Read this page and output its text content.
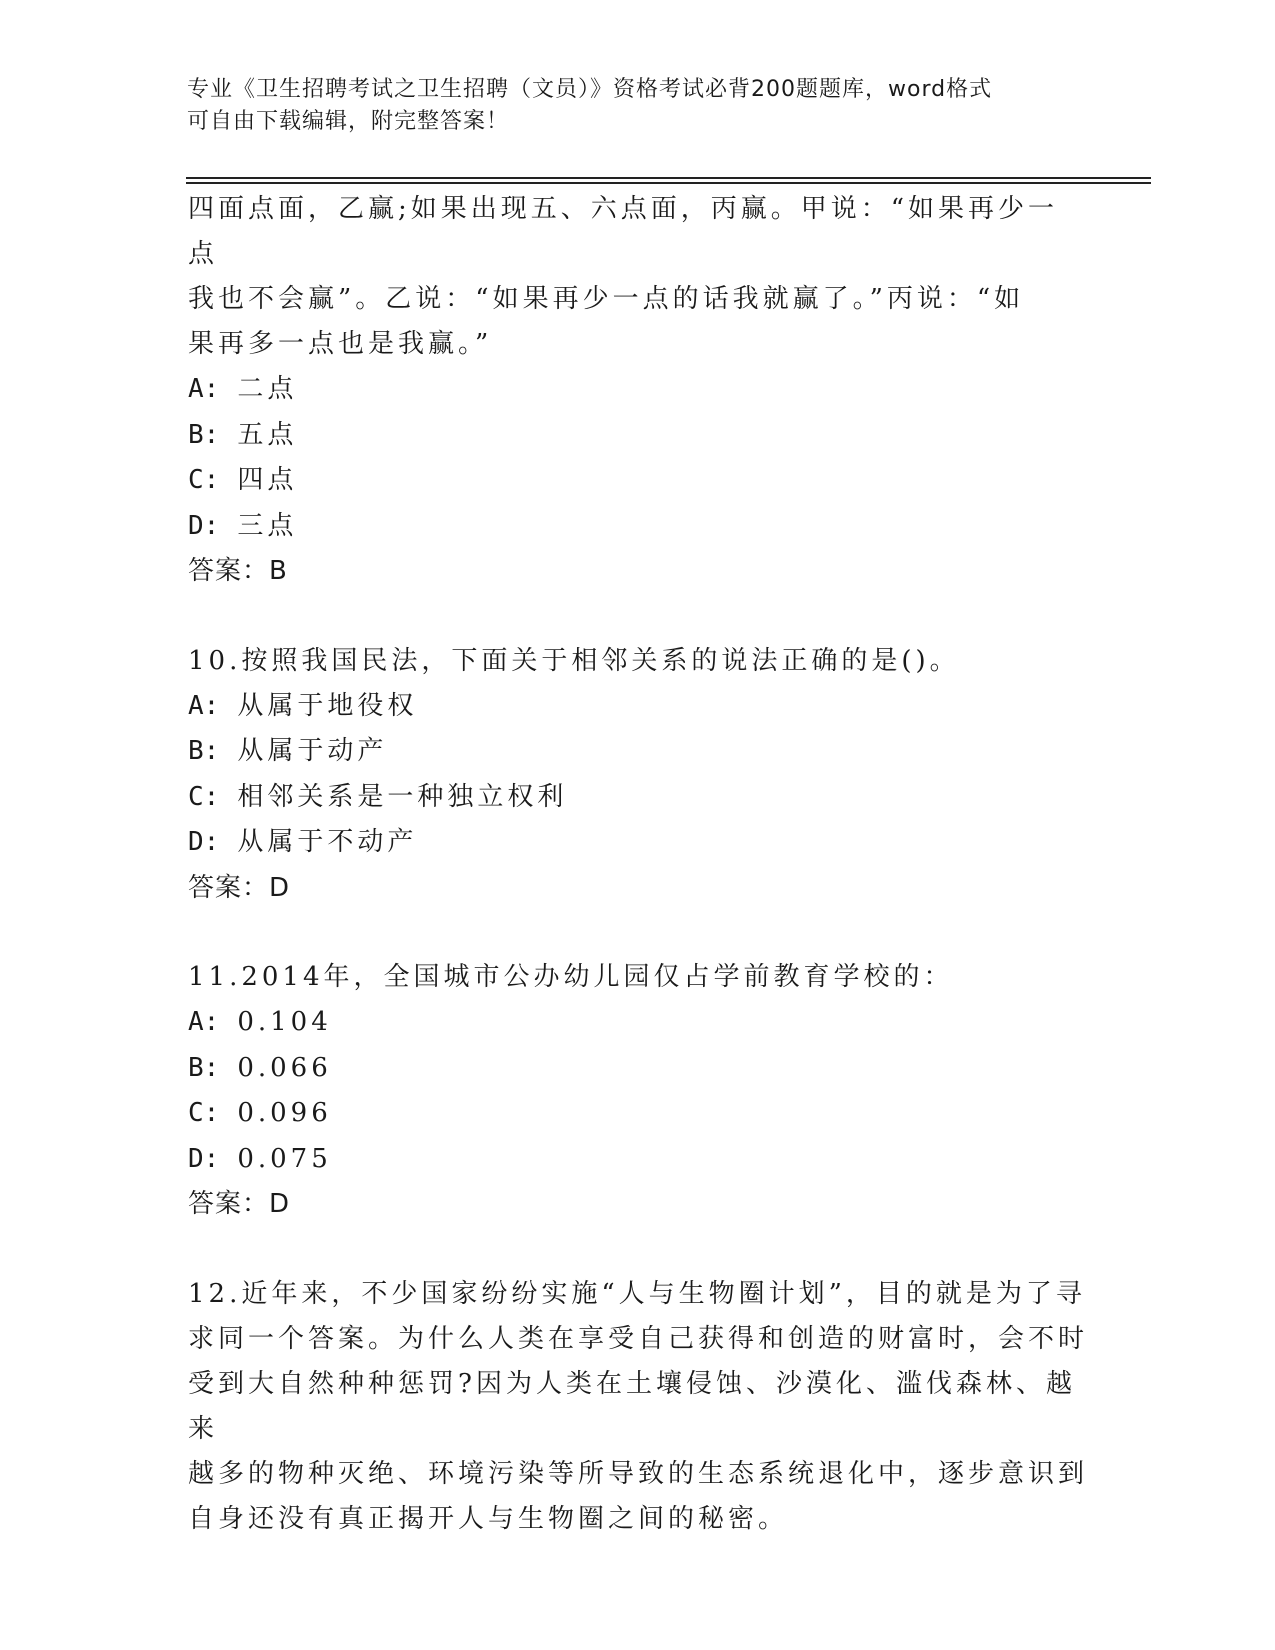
专业《卫生招聘考试之卫生招聘（文员）》资格考试必背200题题库，word格式
可自由下载编辑，附完整答案！
四面点面，乙赢;如果出现五、六点面，丙赢。甲说：“如果再少一点
我也不会赢”。乙说：“如果再少一点的话我就赢了。”丙说：“如
果再多一点也是我赢。”
A: 二点
B: 五点
C: 四点
D: 三点
答案：B
10.按照我国民法，下面关于相邻关系的说法正确的是()。
A: 从属于地役权
B: 从属于动产
C: 相邻关系是一种独立权利
D: 从属于不动产
答案：D
11.2014年，全国城市公办幼儿园仅占学前教育学校的：
A: 0.104
B: 0.066
C: 0.096
D: 0.075
答案：D
12.近年来，不少国家纷纷实施“人与生物圈计划”，目的就是为了寻
求同一个答案。为什么人类在享受自己获得和创造的财富时，会不时
受到大自然种种惩罚?因为人类在土壤侵蚀、沙漠化、滥伐森林、越来
越多的物种灭绝、环境污染等所导致的生态系统退化中，逐步意识到
自身还没有真正揭开人与生物圈之间的秘密。
